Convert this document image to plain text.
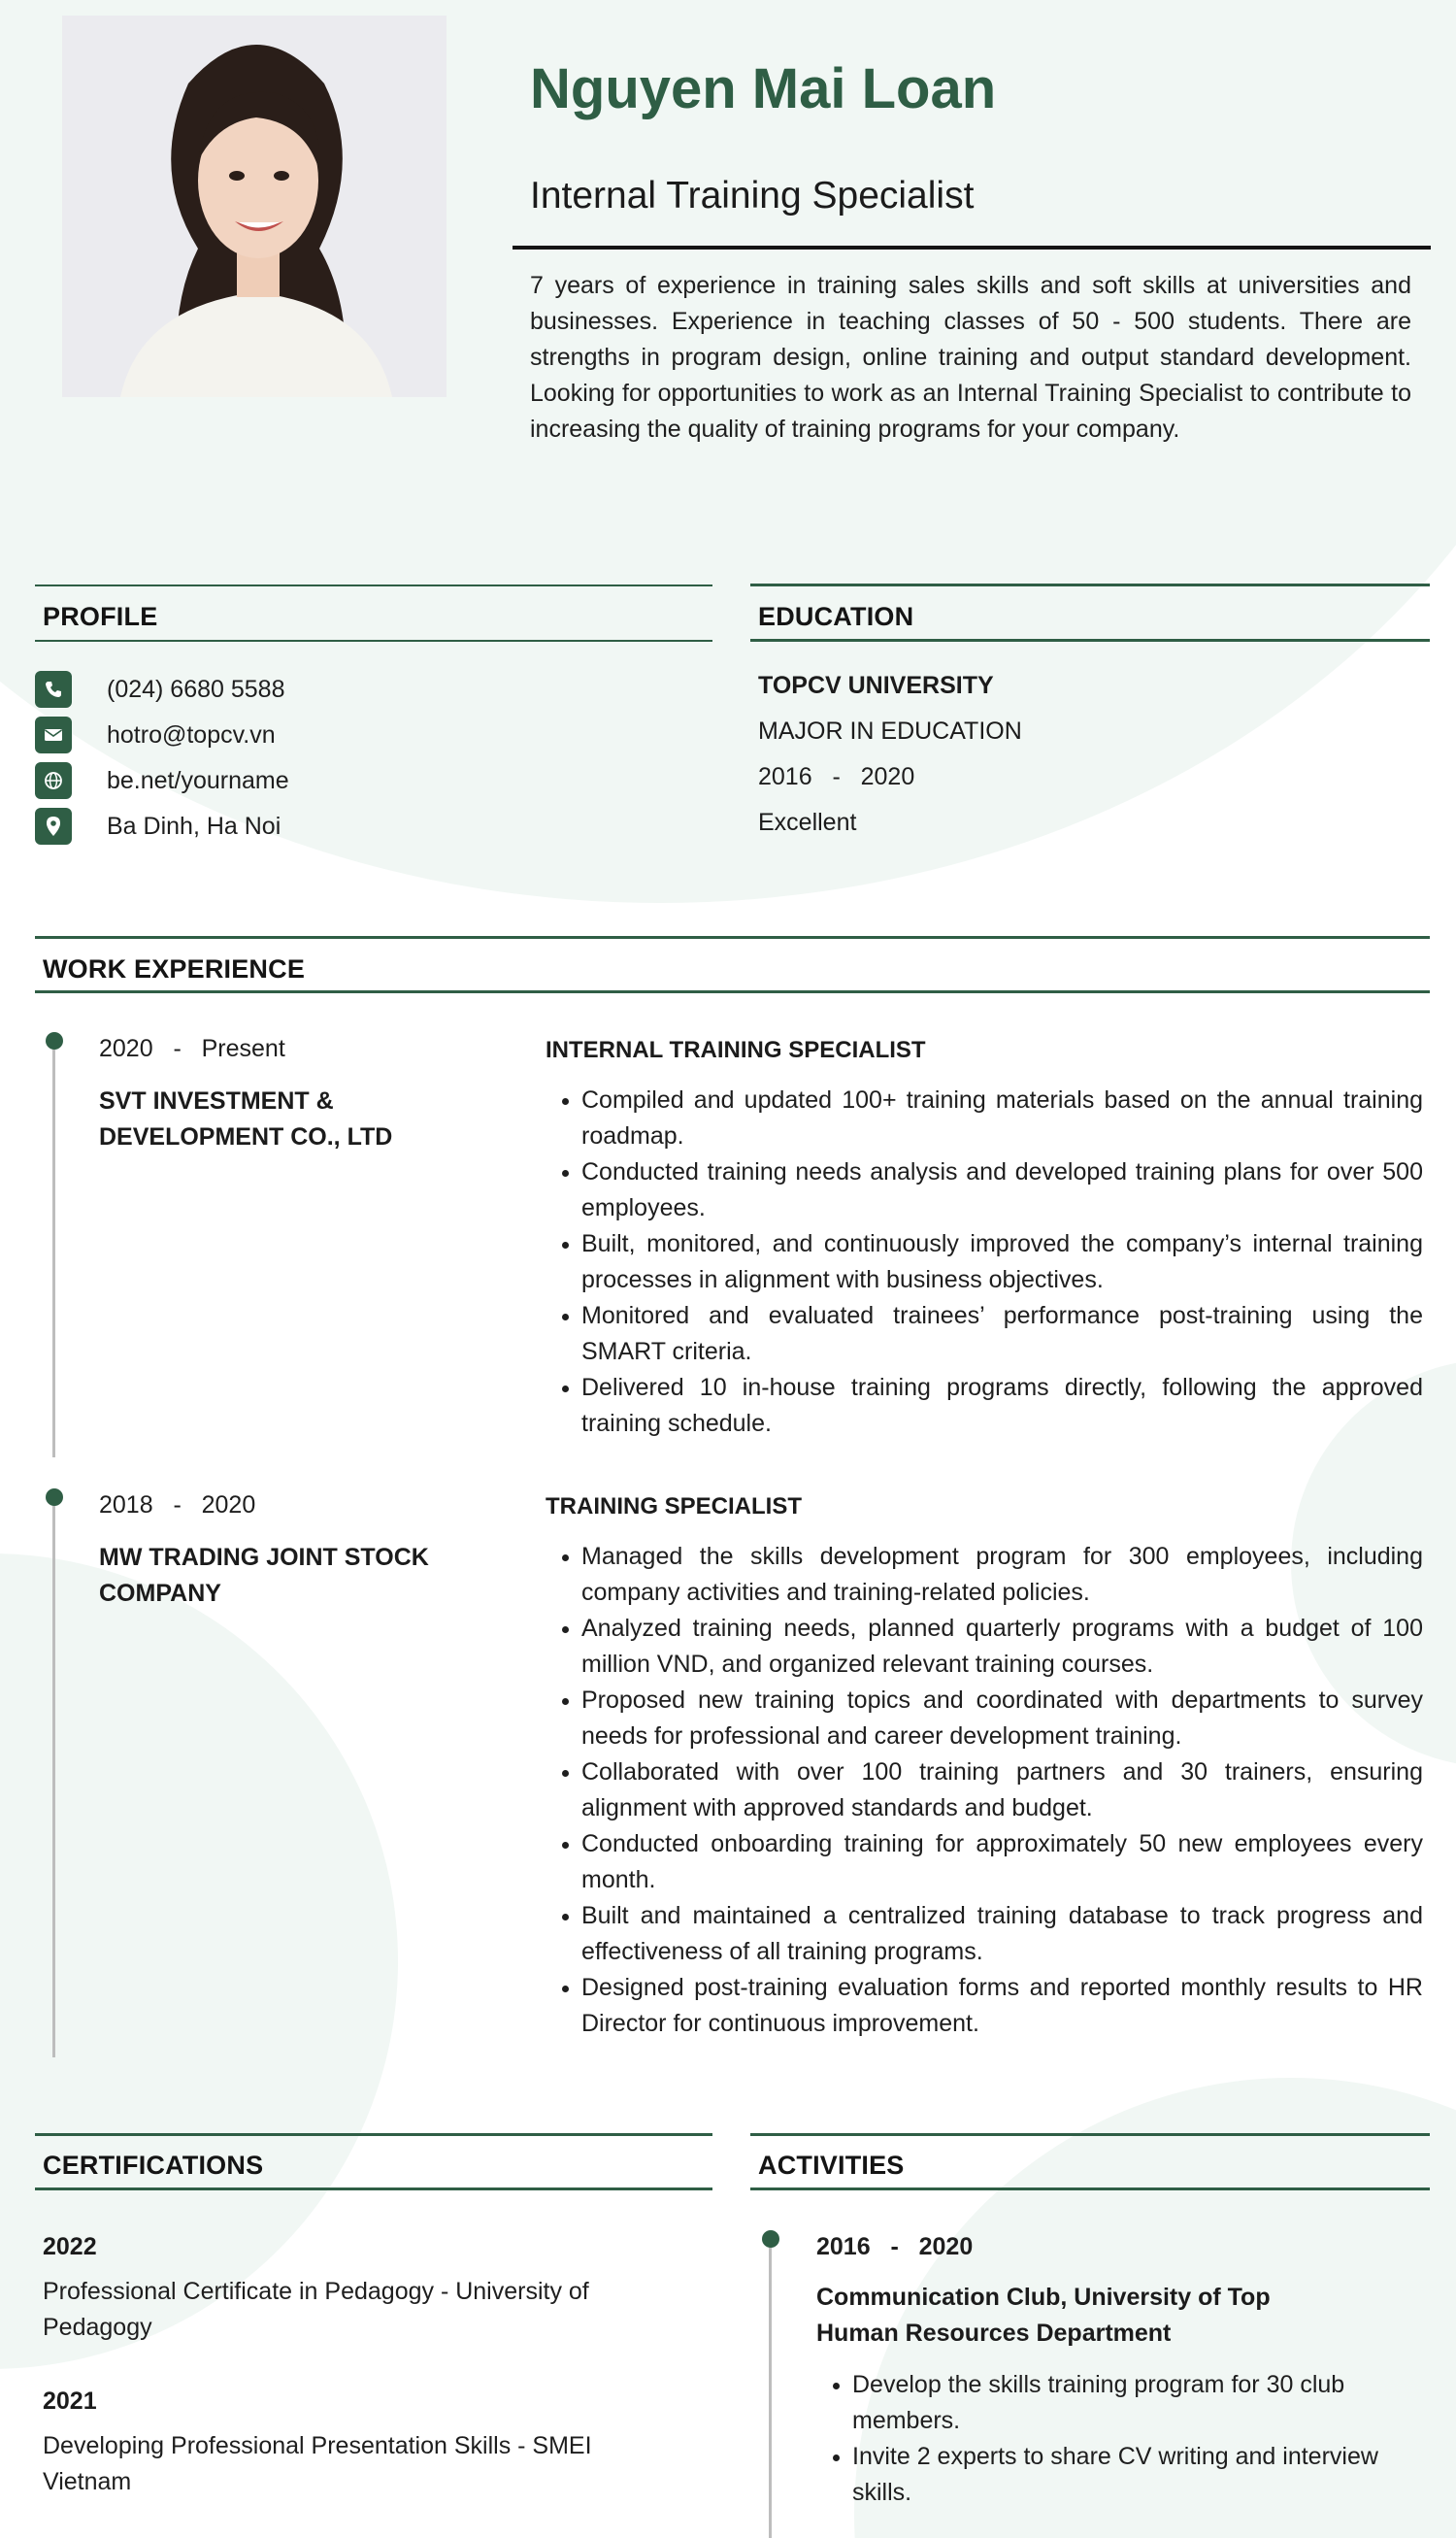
Nguyen Mai Loan
Internal Training Specialist
7 years of experience in training sales skills and soft skills at universities and businesses. Experience in teaching classes of 50 - 500 students. There are strengths in program design, online training and output standard development. Looking for opportunities to work as an Internal Training Specialist to contribute to increasing the quality of training programs for your company.
PROFILE
(024) 6680 5588
hotro@topcv.vn
be.net/yourname
Ba Dinh, Ha Noi
EDUCATION
TOPCV UNIVERSITY
MAJOR IN EDUCATION
2016   -   2020
Excellent
WORK EXPERIENCE
2020   -   Present
SVT INVESTMENT & DEVELOPMENT CO., LTD
INTERNAL TRAINING SPECIALIST
Compiled and updated 100+ training materials based on the annual training roadmap.
Conducted training needs analysis and developed training plans for over 500 employees.
Built, monitored, and continuously improved the company’s internal training processes in alignment with business objectives.
Monitored and evaluated trainees’ performance post-training using the SMART criteria.
Delivered 10 in-house training programs directly, following the approved training schedule.
2018   -   2020
MW TRADING JOINT STOCK COMPANY
TRAINING SPECIALIST
Managed the skills development program for 300 employees, including company activities and training-related policies.
Analyzed training needs, planned quarterly programs with a budget of 100 million VND, and organized relevant training courses.
Proposed new training topics and coordinated with departments to survey needs for professional and career development training.
Collaborated with over 100 training partners and 30 trainers, ensuring alignment with approved standards and budget.
Conducted onboarding training for approximately 50 new employees every month.
Built and maintained a centralized training database to track progress and effectiveness of all training programs.
Designed post-training evaluation forms and reported monthly results to HR Director for continuous improvement.
CERTIFICATIONS
2022
Professional Certificate in Pedagogy - University of Pedagogy
2021
Developing Professional Presentation Skills - SMEI Vietnam
ACTIVITIES
2016   -   2020
Communication Club, University of Top Human Resources Department
Develop the skills training program for 30 club members.
Invite 2 experts to share CV writing and interview skills.
